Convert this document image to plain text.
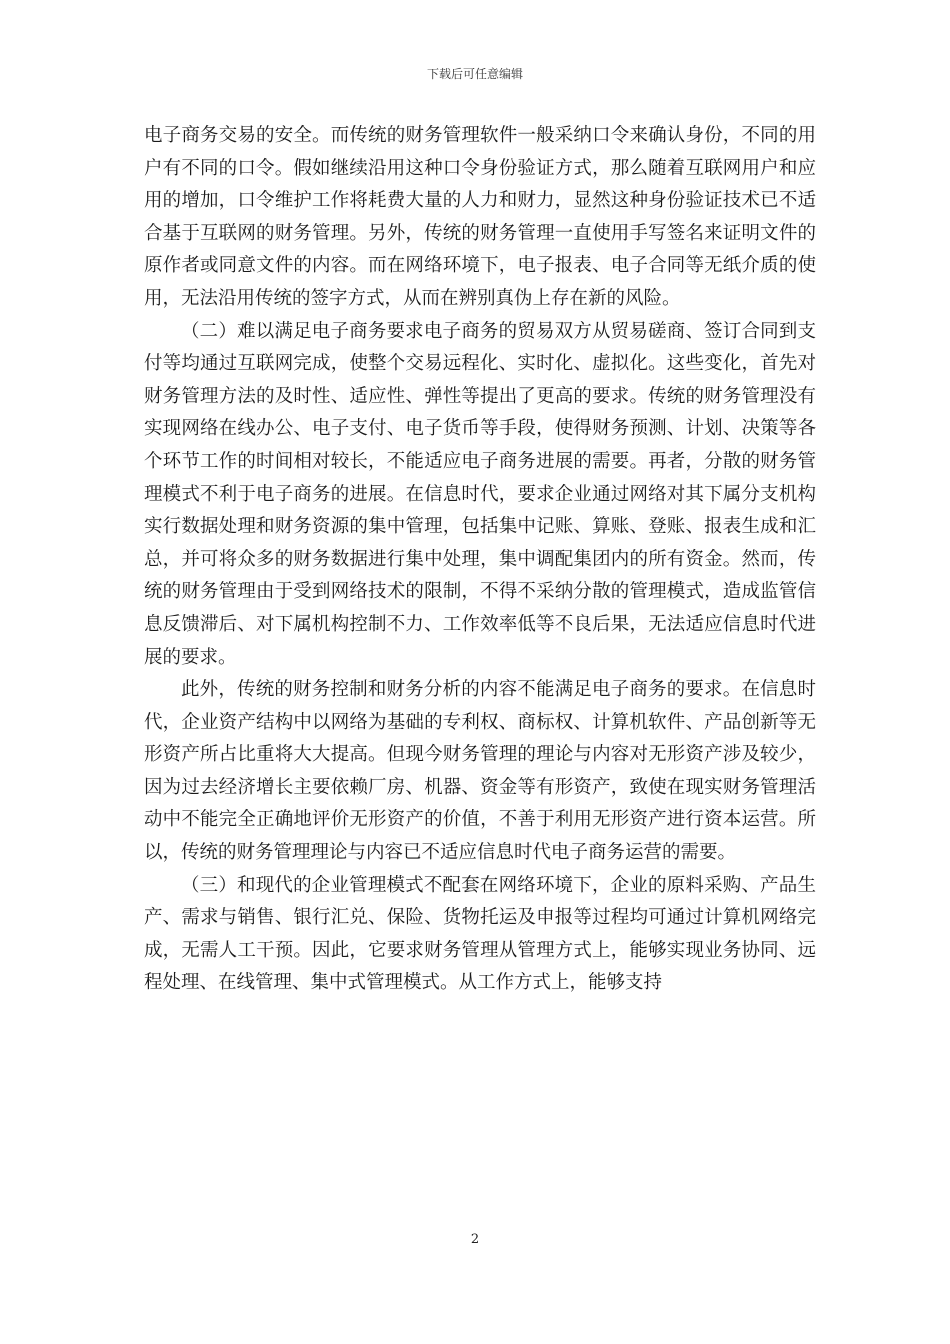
下载后可任意编辑

电子商务交易的安全。而传统的财务管理软件一般采纳口令来确认身份，不同的用户有不同的口令。假如继续沿用这种口令身份验证方式，那么随着互联网用户和应用的增加，口令维护工作将耗费大量的人力和财力，显然这种身份验证技术已不适合基于互联网的财务管理。另外，传统的财务管理一直使用手写签名来证明文件的原作者或同意文件的内容。而在网络环境下，电子报表、电子合同等无纸介质的使用，无法沿用传统的签字方式，从而在辨别真伪上存在新的风险。

（二）难以满足电子商务要求电子商务的贸易双方从贸易磋商、签订合同到支付等均通过互联网完成，使整个交易远程化、实时化、虚拟化。这些变化，首先对财务管理方法的及时性、适应性、弹性等提出了更高的要求。传统的财务管理没有实现网络在线办公、电子支付、电子货币等手段，使得财务预测、计划、决策等各个环节工作的时间相对较长，不能适应电子商务进展的需要。再者，分散的财务管理模式不利于电子商务的进展。在信息时代，要求企业通过网络对其下属分支机构实行数据处理和财务资源的集中管理，包括集中记账、算账、登账、报表生成和汇总，并可将众多的财务数据进行集中处理，集中调配集团内的所有资金。然而，传统的财务管理由于受到网络技术的限制，不得不采纳分散的管理模式，造成监管信息反馈滞后、对下属机构控制不力、工作效率低等不良后果，无法适应信息时代进展的要求。

此外，传统的财务控制和财务分析的内容不能满足电子商务的要求。在信息时代，企业资产结构中以网络为基础的专利权、商标权、计算机软件、产品创新等无形资产所占比重将大大提高。但现今财务管理的理论与内容对无形资产涉及较少，因为过去经济增长主要依赖厂房、机器、资金等有形资产，致使在现实财务管理活动中不能完全正确地评价无形资产的价值，不善于利用无形资产进行资本运营。所以，传统的财务管理理论与内容已不适应信息时代电子商务运营的需要。

（三）和现代的企业管理模式不配套在网络环境下，企业的原料采购、产品生产、需求与销售、银行汇兑、保险、货物托运及申报等过程均可通过计算机网络完成，无需人工干预。因此，它要求财务管理从管理方式上，能够实现业务协同、远程处理、在线管理、集中式管理模式。从工作方式上，能够支持

2
